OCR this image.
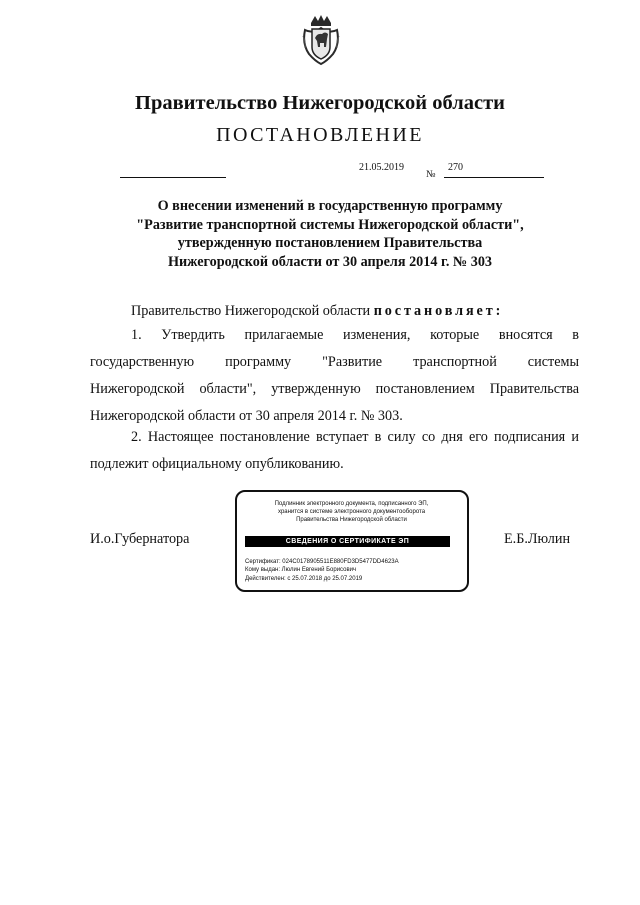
Правительство Нижегородской области
ПОСТАНОВЛЕНИЕ
21.05.2019
№
270
О внесении изменений в государственную программу
"Развитие транспортной системы Нижегородской области",
утвержденную постановлением Правительства
Нижегородской области от 30 апреля 2014 г. № 303
Правительство Нижегородской области постановляет:
1. Утвердить прилагаемые изменения, которые вносятся в
государственную программу "Развитие транспортной системы
Нижегородской области", утвержденную постановлением Правительства
Нижегородской области от 30 апреля 2014 г. № 303.
2. Настоящее постановление вступает в силу со дня его подписания и
подлежит официальному опубликованию.
И.о.Губернатора	Е.Б.Люлин
Подлинник электронного документа, подписанного ЭП,
хранится в системе электронного документооборота
Правительства Нижегородской области
СВЕДЕНИЯ О СЕРТИФИКАТЕ ЭП
Сертификат: 024C0178905511E880FD3D5477DD4623A
Кому выдан: Люлин Евгений Борисович
Действителен: с 25.07.2018 до 25.07.2019
